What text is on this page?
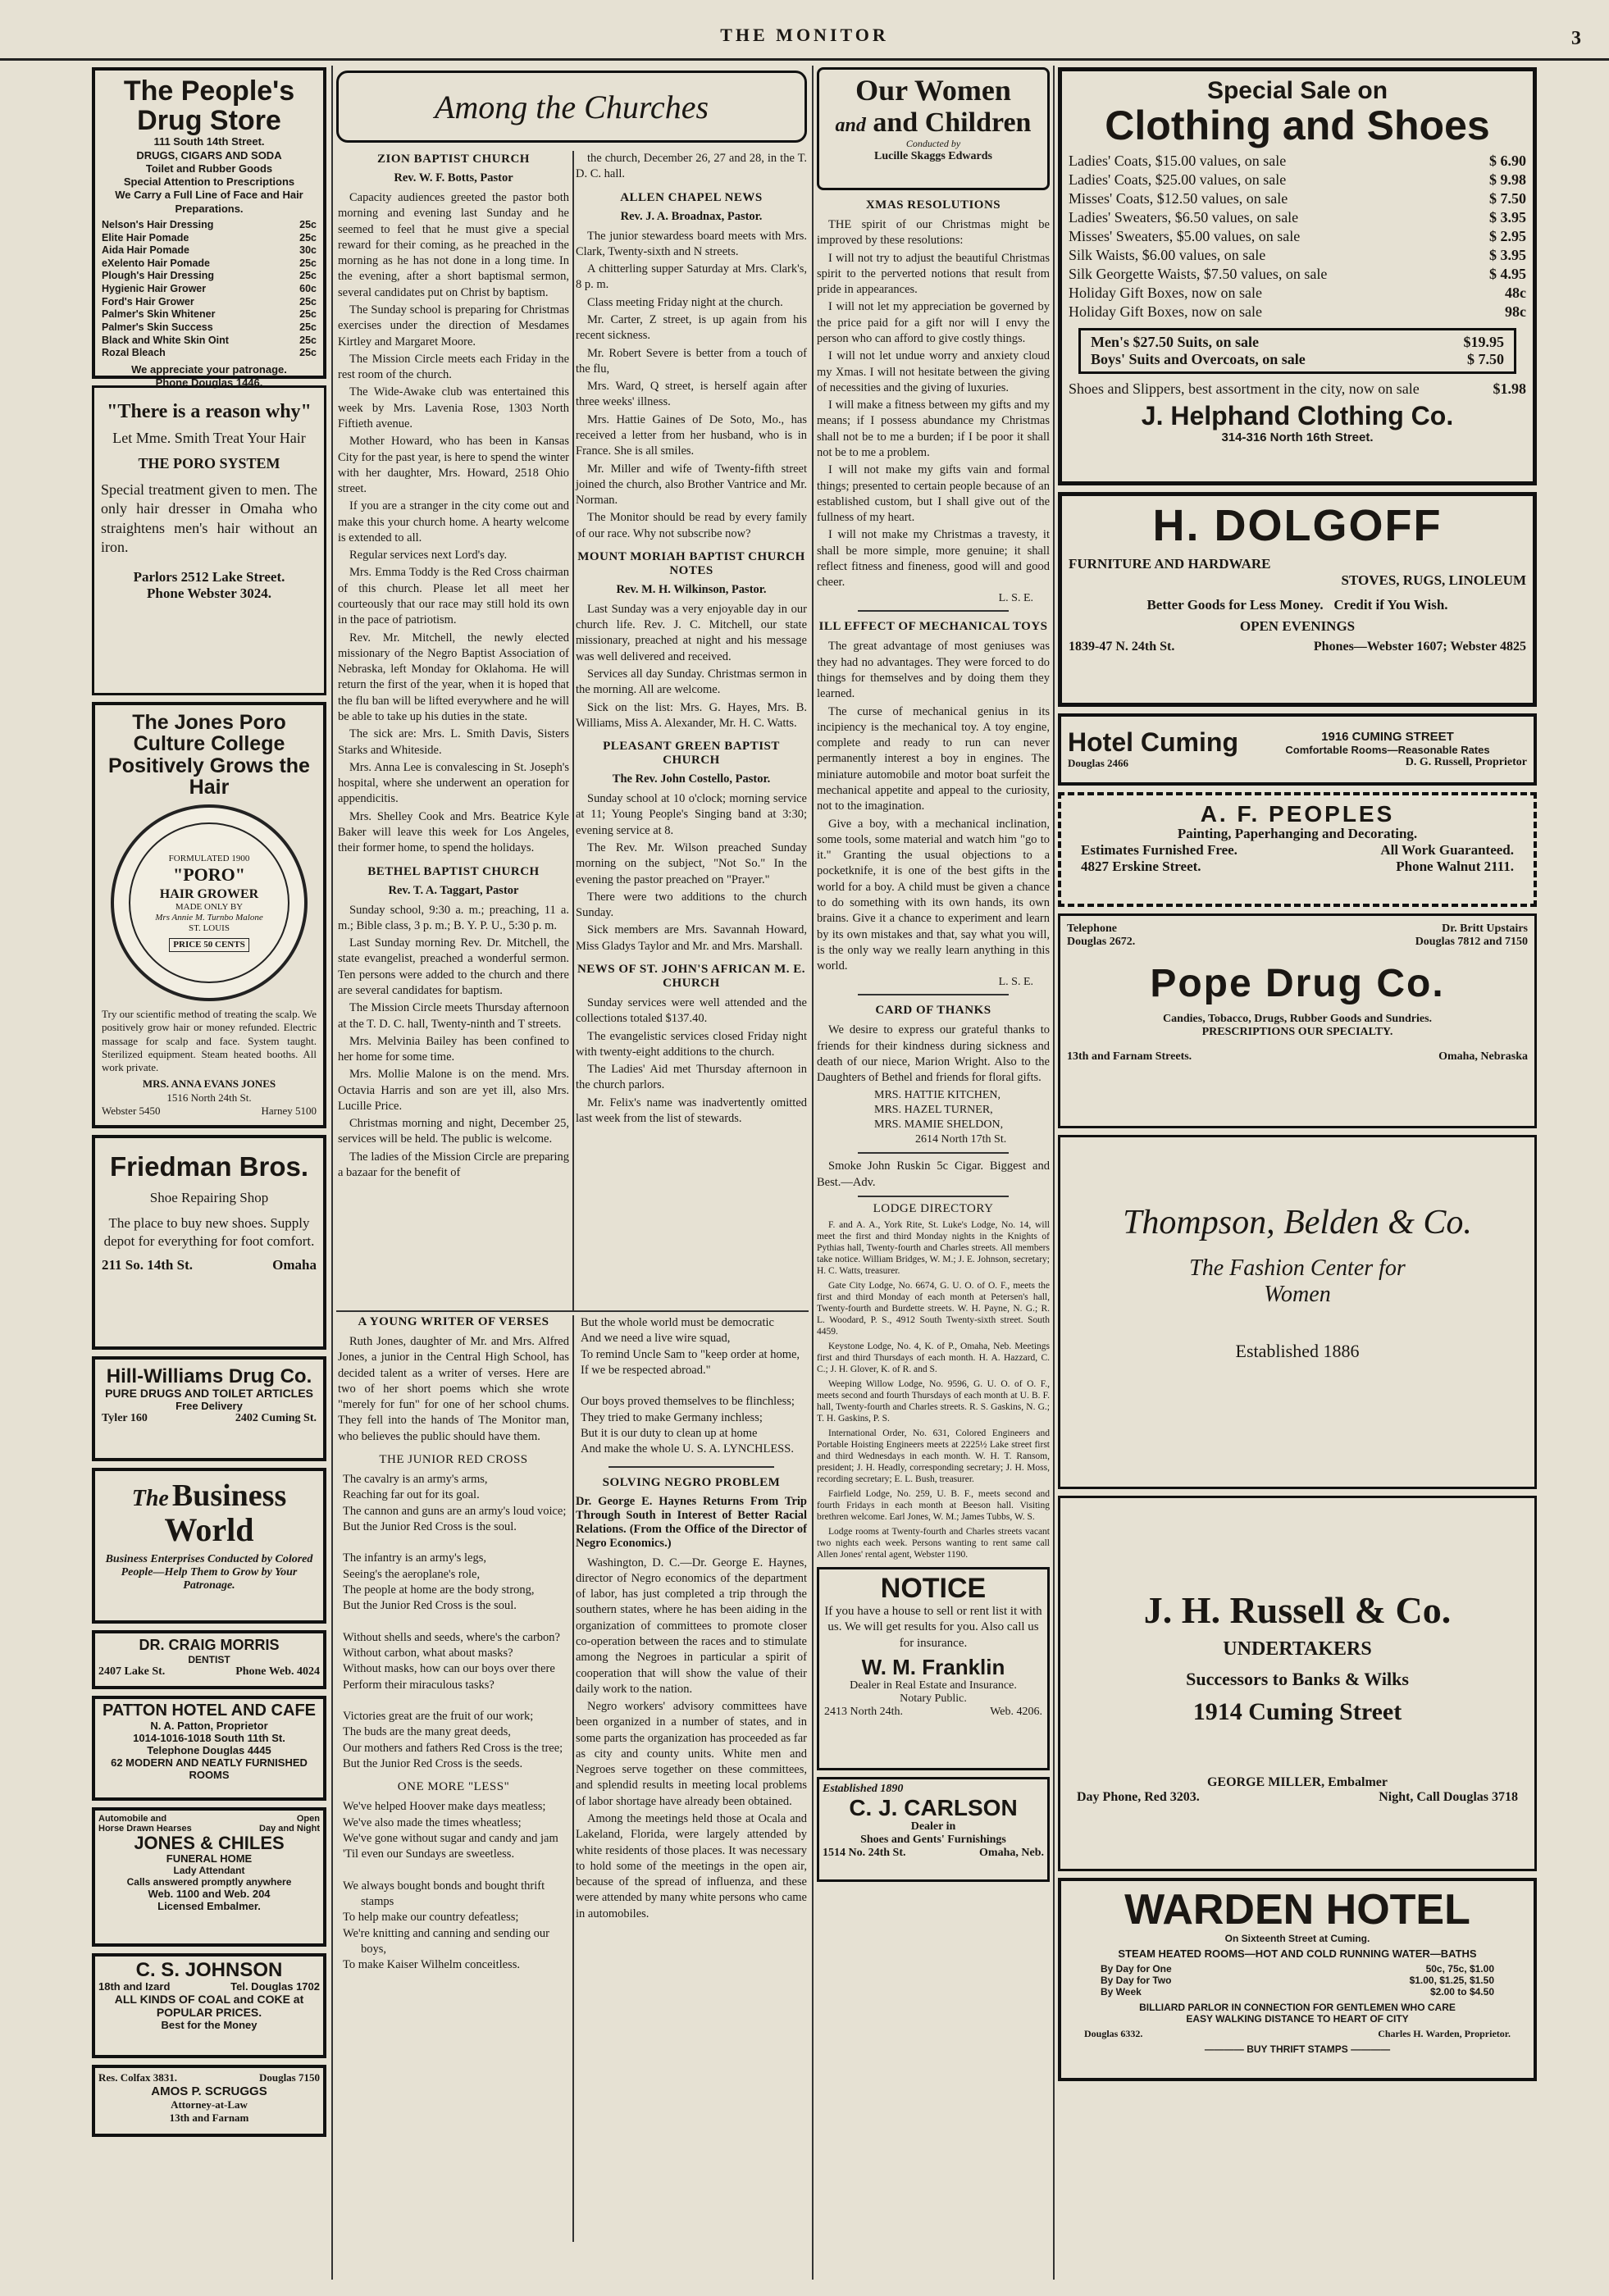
THE MONITOR	3
The People's
Drug Store
111 South 14th Street.
DRUGS, CIGARS AND SODA
Toilet and Rubber Goods
Special Attention to Prescriptions
We Carry a Full Line of Face and Hair Preparations.
Nelson's Hair Dressing	25c
Elite Hair Pomade	25c
Aida Hair Pomade	30c
eXelento Hair Pomade	25c
Plough's Hair Dressing	25c
Hygienic Hair Grower	60c
Ford's Hair Grower	25c
Palmer's Skin Whitener	25c
Palmer's Skin Success	25c
Black and White Skin Oint	25c
Rozal Bleach	25c
We appreciate your patronage.
Phone Douglas 1446.
"There is a reason why"
Let Mme. Smith Treat Your Hair
THE PORO SYSTEM
Special treatment given to men. The only hair dresser in Omaha who straightens men's hair without an iron.
Parlors 2512 Lake Street.
Phone Webster 3024.
The Jones Poro Culture College Positively Grows the Hair
FORMULATED 1900
"PORO"
HAIR GROWER
MADE ONLY BY
Mrs Annie M. Turnbo Malone
ST. LOUIS
PRICE 50 CENTS
Try our scientific method of treating the scalp. We positively grow hair or money refunded. Electric massage for scalp and face. System taught. Sterilized equipment. Steam heated booths. All work private.
MRS. ANNA EVANS JONES
1516 North 24th St.
Webster 5450	Harney 5100
Friedman Bros.
Shoe Repairing Shop
The place to buy new shoes. Supply depot for everything for foot comfort.
211 So. 14th St.	Omaha
Hill-Williams Drug Co.
PURE DRUGS AND TOILET ARTICLES
Free Delivery
Tyler 160	2402 Cuming St.
The Business
World
Business Enterprises Conducted by Colored People—Help Them to Grow by Your Patronage.
DR. CRAIG MORRIS
DENTIST
2407 Lake St.	Phone Web. 4024
PATTON HOTEL AND CAFE
N. A. Patton, Proprietor
1014-1016-1018 South 11th St.
Telephone Douglas 4445
62 MODERN AND NEATLY FURNISHED ROOMS
Automobile and	Open
Horse Drawn Hearses	Day and Night
JONES & CHILES
FUNERAL HOME
Lady Attendant
Calls answered promptly anywhere
Web. 1100 and Web. 204
Licensed Embalmer.
C. S. JOHNSON
18th and Izard	Tel. Douglas 1702
ALL KINDS OF COAL and COKE at POPULAR PRICES.
Best for the Money
Res. Colfax 3831.	Douglas 7150
AMOS P. SCRUGGS
Attorney-at-Law
13th and Farnam
Among the Churches
ZION BAPTIST CHURCH
Rev. W. F. Botts, Pastor
Capacity audiences greeted the pastor both morning and evening last Sunday and he seemed to feel that he must give a special reward for their coming, as he preached in the morning as he has not done in a long time. In the evening, after a short baptismal sermon, several candidates put on Christ by baptism.
The Sunday school is preparing for Christmas exercises under the direction of Mesdames Kirtley and Margaret Moore.
The Mission Circle meets each Friday in the rest room of the church.
The Wide-Awake club was entertained this week by Mrs. Lavenia Rose, 1303 North Fiftieth avenue.
Mother Howard, who has been in Kansas City for the past year, is here to spend the winter with her daughter, Mrs. Howard, 2518 Ohio street.
If you are a stranger in the city come out and make this your church home. A hearty welcome is extended to all.
Regular services next Lord's day.
Mrs. Emma Toddy is the Red Cross chairman of this church. Please let all meet her courteously that our race may still hold its own in the pace of patriotism.
Rev. Mr. Mitchell, the newly elected missionary of the Negro Baptist Association of Nebraska, left Monday for Oklahoma. He will return the first of the year, when it is hoped that the flu ban will be lifted everywhere and he will be able to take up his duties in the state.
The sick are: Mrs. L. Smith Davis, Sisters Starks and Whiteside.
Mrs. Anna Lee is convalescing in St. Joseph's hospital, where she underwent an operation for appendicitis.
Mrs. Shelley Cook and Mrs. Beatrice Kyle Baker will leave this week for Los Angeles, their former home, to spend the holidays.
BETHEL BAPTIST CHURCH
Rev. T. A. Taggart, Pastor
Sunday school, 9:30 a. m.; preaching, 11 a. m.; Bible class, 3 p. m.; B. Y. P. U., 5:30 p. m.
Last Sunday morning Rev. Dr. Mitchell, the state evangelist, preached a wonderful sermon. Ten persons were added to the church and there are several candidates for baptism.
The Mission Circle meets Thursday afternoon at the T. D. C. hall, Twenty-ninth and T streets.
Mrs. Melvinia Bailey has been confined to her home for some time.
Mrs. Mollie Malone is on the mend. Mrs. Octavia Harris and son are yet ill, also Mrs. Lucille Price.
Christmas morning and night, December 25, services will be held. The public is welcome.
The ladies of the Mission Circle are preparing a bazaar for the benefit of
the church, December 26, 27 and 28, in the T. D. C. hall.
ALLEN CHAPEL NEWS
Rev. J. A. Broadnax, Pastor.
The junior stewardess board meets with Mrs. Clark, Twenty-sixth and N streets.
A chitterling supper Saturday at Mrs. Clark's, 8 p. m.
Class meeting Friday night at the church.
Mr. Carter, Z street, is up again from his recent sickness.
Mr. Robert Severe is better from a touch of the flu,
Mrs. Ward, Q street, is herself again after three weeks' illness.
Mrs. Hattie Gaines of De Soto, Mo., has received a letter from her husband, who is in France. She is all smiles.
Mr. Miller and wife of Twenty-fifth street joined the church, also Brother Vantrice and Mr. Norman.
The Monitor should be read by every family of our race. Why not subscribe now?
MOUNT MORIAH BAPTIST CHURCH NOTES
Rev. M. H. Wilkinson, Pastor.
Last Sunday was a very enjoyable day in our church life. Rev. J. C. Mitchell, our state missionary, preached at night and his message was well delivered and received.
Services all day Sunday. Christmas sermon in the morning. All are welcome.
Sick on the list: Mrs. G. Hayes, Mrs. B. Williams, Miss A. Alexander, Mr. H. C. Watts.
PLEASANT GREEN BAPTIST CHURCH
The Rev. John Costello, Pastor.
Sunday school at 10 o'clock; morning service at 11; Young People's Singing band at 3:30; evening service at 8.
The Rev. Mr. Wilson preached Sunday morning on the subject, "Not So." In the evening the pastor preached on "Prayer."
There were two additions to the church Sunday.
Sick members are Mrs. Savannah Howard, Miss Gladys Taylor and Mr. and Mrs. Marshall.
NEWS OF ST. JOHN'S AFRICAN M. E. CHURCH
Sunday services were well attended and the collections totaled $137.40.
The evangelistic services closed Friday night with twenty-eight additions to the church.
The Ladies' Aid met Thursday afternoon in the church parlors.
Mr. Felix's name was inadvertently omitted last week from the list of stewards.
A YOUNG WRITER OF VERSES
Ruth Jones, daughter of Mr. and Mrs. Alfred Jones, a junior in the Central High School, has decided talent as a writer of verses. Here are two of her short poems which she wrote "merely for fun" for one of her school chums. They fell into the hands of The Monitor man, who believes the public should have them.
THE JUNIOR RED CROSS
The cavalry is an army's arms,
Reaching far out for its goal.
The cannon and guns are an army's loud voice;
But the Junior Red Cross is the soul.

The infantry is an army's legs,
Seeing's the aeroplane's role,
The people at home are the body strong,
But the Junior Red Cross is the soul.

Without shells and seeds, where's the carbon?
Without carbon, what about masks?
Without masks, how can our boys over there
Perform their miraculous tasks?

Victories great are the fruit of our work;
The buds are the many great deeds,
Our mothers and fathers Red Cross is the tree;
But the Junior Red Cross is the seeds.
ONE MORE "LESS"
We've helped Hoover make days meatless;
We've also made the times wheatless;
We've gone without sugar and candy and jam
'Til even our Sundays are sweetless.

We always bought bonds and bought thrift stamps
To help make our country defeatless;
We're knitting and canning and sending our boys,
To make Kaiser Wilhelm conceitless.
But the whole world must be democratic
And we need a live wire squad,
To remind Uncle Sam to "keep order at home,
If we be respected abroad."

Our boys proved themselves to be flinchless;
They tried to make Germany inchless;
But it is our duty to clean up at home
And make the whole U. S. A. LYNCHLESS.
SOLVING NEGRO PROBLEM
Dr. George E. Haynes Returns From Trip Through South in Interest of Better Racial Relations. (From the Office of the Director of Negro Economics.)
Washington, D. C.—Dr. George E. Haynes, director of Negro economics of the department of labor, has just completed a trip through the southern states, where he has been aiding in the organization of committees to promote closer co-operation between the races and to stimulate among the Negroes in particular a spirit of cooperation that will show the value of their daily work to the nation.
Negro workers' advisory committees have been organized in a number of states, and in some parts the organization has proceeded as far as city and county units. White men and Negroes serve together on these committees, and splendid results in meeting local problems of labor shortage have already been obtained.
Among the meetings held those at Ocala and Lakeland, Florida, were largely attended by white residents of those places. It was necessary to hold some of the meetings in the open air, because of the spread of influenza, and these were attended by many white persons who came in automobiles.
Our Women
and and Children
Conducted by
Lucille Skaggs Edwards
XMAS RESOLUTIONS
THE spirit of our Christmas might be improved by these resolutions:
I will not try to adjust the beautiful Christmas spirit to the perverted notions that result from pride in appearances.
I will not let my appreciation be governed by the price paid for a gift nor will I envy the person who can afford to give costly things.
I will not let undue worry and anxiety cloud my Xmas. I will not hesitate between the giving of necessities and the giving of luxuries.
I will make a fitness between my gifts and my means; if I possess abundance my Christmas shall not be to me a burden; if I be poor it shall not be to me a problem.
I will not make my gifts vain and formal things; presented to certain people because of an established custom, but I shall give out of the fullness of my heart.
I will not make my Christmas a travesty, it shall be more simple, more genuine; it shall reflect fitness and fineness, good will and good cheer.
L. S. E.
ILL EFFECT OF MECHANICAL TOYS
The great advantage of most geniuses was they had no advantages. They were forced to do things for themselves and by doing them they learned.
The curse of mechanical genius in its incipiency is the mechanical toy. A toy engine, complete and ready to run can never permanently interest a boy in engines. The miniature automobile and motor boat surfeit the mechanical appetite and appeal to the curiosity, not to the imagination.
Give a boy, with a mechanical inclination, some tools, some material and watch him "go to it." Granting the usual objections to a pocketknife, it is one of the best gifts in the world for a boy. A child must be given a chance to do something with its own hands, its own brains. Give it a chance to experiment and learn by its own mistakes and that, say what you will, is the only way we really learn anything in this world.
L. S. E.
CARD OF THANKS
We desire to express our grateful thanks to friends for their kindness during sickness and death of our niece, Marion Wright. Also to the Daughters of Bethel and friends for floral gifts.
MRS. HATTIE KITCHEN,
MRS. HAZEL TURNER,
MRS. MAMIE SHELDON,
2614 North 17th St.
Smoke John Ruskin 5c Cigar. Biggest and Best.—Adv.
LODGE DIRECTORY
F. and A. A., York Rite, St. Luke's Lodge, No. 14, will meet the first and third Monday nights in the Knights of Pythias hall, Twenty-fourth and Charles streets. All members take notice. William Bridges, W. M.; J. E. Johnson, secretary; H. C. Watts, treasurer.
Gate City Lodge, No. 6674, G. U. O. of O. F., meets the first and third Monday of each month at Petersen's hall, Twenty-fourth and Burdette streets. W. H. Payne, N. G.; R. L. Woodard, P. S., 4912 South Twenty-sixth street. South 4459.
Keystone Lodge, No. 4, K. of P., Omaha, Neb. Meetings first and third Thursdays of each month. H. A. Hazzard, C. C.; J. H. Glover, K. of R. and S.
Weeping Willow Lodge, No. 9596, G. U. O. of O. F., meets second and fourth Thursdays of each month at U. B. F. hall, Twenty-fourth and Charles streets. R. S. Gaskins, N. G.; T. H. Gaskins, P. S.
International Order, No. 631, Colored Engineers and Portable Hoisting Engineers meets at 2225½ Lake street first and third Wednesdays in each month. W. H. T. Ransom, president; J. H. Headly, corresponding secretary; J. H. Moss, recording secretary; E. L. Bush, treasurer.
Fairfield Lodge, No. 259, U. B. F., meets second and fourth Fridays in each month at Beeson hall. Visiting brethren welcome. Earl Jones, W. M.; James Tubbs, W. S.
Lodge rooms at Twenty-fourth and Charles streets vacant two nights each week. Persons wanting to rent same call Allen Jones' rental agent, Webster 1190.
NOTICE
If you have a house to sell or rent list it with us. We will get results for you. Also call us for insurance.
W. M. Franklin
Dealer in Real Estate and Insurance.
Notary Public.
2413 North 24th.	Web. 4206.
Established 1890
C. J. CARLSON
Dealer in
Shoes and Gents' Furnishings
1514 No. 24th St.	Omaha, Neb.
Special Sale on
Clothing and Shoes
Ladies' Coats, $15.00 values, on sale	$ 6.90
Ladies' Coats, $25.00 values, on sale	$ 9.98
Misses' Coats, $12.50 values, on sale	$ 7.50
Ladies' Sweaters, $6.50 values, on sale	$ 3.95
Misses' Sweaters, $5.00 values, on sale	$ 2.95
Silk Waists, $6.00 values, on sale	$ 3.95
Silk Georgette Waists, $7.50 values, on sale	$ 4.95
Holiday Gift Boxes, now on sale	48c
Holiday Gift Boxes, now on sale	98c
Men's $27.50 Suits, on sale	$19.95
Boys' Suits and Overcoats, on sale	$ 7.50
Shoes and Slippers, best assortment in the city, now on sale	$1.98
J. Helphand Clothing Co.
314-316 North 16th Street.
H. DOLGOFF
FURNITURE AND HARDWARE
STOVES, RUGS, LINOLEUM
Better Goods for Less Money. Credit if You Wish.
OPEN EVENINGS
1839-47 N. 24th St.	Phones—Webster 1607; Webster 4825
Hotel Cuming
Douglas 2466
1916 CUMING STREET
Comfortable Rooms—Reasonable Rates
D. G. Russell, Proprietor
A. F. PEOPLES
Painting, Paperhanging and Decorating.
Estimates Furnished Free.	All Work Guaranteed.
4827 Erskine Street.	Phone Walnut 2111.
Telephone	Dr. Britt Upstairs
Douglas 2672.	Douglas 7812 and 7150
Pope Drug Co.
Candies, Tobacco, Drugs, Rubber Goods and Sundries.
PRESCRIPTIONS OUR SPECIALTY.
13th and Farnam Streets.	Omaha, Nebraska
Thompson, Belden & Co.
The Fashion Center for
Women
Established 1886
J. H. Russell & Co.
UNDERTAKERS
Successors to Banks & Wilks
1914 Cuming Street
GEORGE MILLER, Embalmer
Day Phone, Red 3203.	Night, Call Douglas 3718
WARDEN HOTEL
On Sixteenth Street at Cuming.
STEAM HEATED ROOMS—HOT AND COLD RUNNING WATER—BATHS
By Day for One	50c, 75c, $1.00
By Day for Two	$1.00, $1.25, $1.50
By Week	$2.00 to $4.50
BILLIARD PARLOR IN CONNECTION FOR GENTLEMEN WHO CARE
EASY WALKING DISTANCE TO HEART OF CITY
Douglas 6332.	Charles H. Warden, Proprietor.
———— BUY THRIFT STAMPS ————
